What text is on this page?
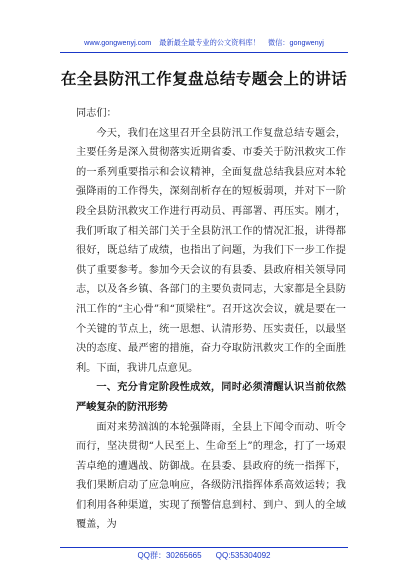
www.gongwenyj.com 最新最全最专业的公文资料库！ 微信：gongwenyj
在全县防汛工作复盘总结专题会上的讲话

同志们：

今天，我们在这里召开全县防汛工作复盘总结专题会，主要任务是深入贯彻落实近期省委、市委关于防汛救灾工作的一系列重要指示和会议精神，全面复盘总结我县应对本轮强降雨的工作得失，深刻剖析存在的短板弱项，并对下一阶段全县防汛救灾工作进行再动员、再部署、再压实。刚才，我们听取了相关部门关于全县防汛工作的情况汇报，讲得都很好，既总结了成绩，也指出了问题，为我们下一步工作提供了重要参考。参加今天会议的有县委、县政府相关领导同志，以及各乡镇、各部门的主要负责同志，大家都是全县防汛工作的“主心骨”和“顶梁柱”。召开这次会议，就是要在一个关键的节点上，统一思想、认清形势、压实责任，以最坚决的态度、最严密的措施，奋力夺取防汛救灾工作的全面胜利。下面，我讲几点意见。

一、充分肯定阶段性成效，同时必须清醒认识当前依然严峻复杂的防汛形势

面对来势汹汹的本轮强降雨，全县上下闻令而动、听令而行，坚决贯彻“人民至上、生命至上”的理念，打了一场艰苦卓绝的遭遇战、防御战。在县委、县政府的统一指挥下，我们果断启动了应急响应，各级防汛指挥体系高效运转；我们利用各种渠道，实现了预警信息到村、到户、到人的全域覆盖，为

QQ群：30265665 QQ:535304092
